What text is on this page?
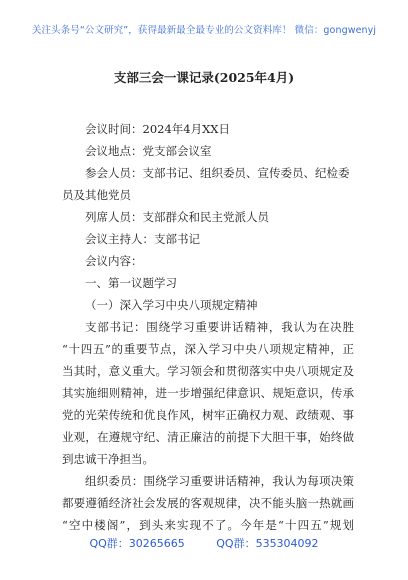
关注头条号“公文研究”，获得最新最全最专业的公文资料库！ 微信：gongwenyj
支部三会一课记录(2025年4月)
会议时间：2024年4月XX日
会议地点：党支部会议室
参会人员：支部书记、组织委员、宣传委员、纪检委
员及其他党员
列席人员：支部群众和民主党派人员
会议主持人：支部书记
会议内容：
一、第一议题学习
（一）深入学习中央八项规定精神
支部书记：围绕学习重要讲话精神，我认为在决胜
“十四五”的重要节点，深入学习中央八项规定精神，正
当其时，意义重大。学习领会和贯彻落实中央八项规定及
其实施细则精神，进一步增强纪律意识、规矩意识，传承
党的光荣传统和优良作风，树牢正确权力观、政绩观、事
业观，在遵规守纪、清正廉洁的前提下大胆干事，始终做
到忠诚干净担当。
组织委员：围绕学习重要讲话精神，我认为每项决策
都要遵循经济社会发展的客观规律，决不能头脑一热就画
“空中楼阁”，到头来实现不了。今年是“十四五”规划
QQ群：30265665	QQ群：535304092
